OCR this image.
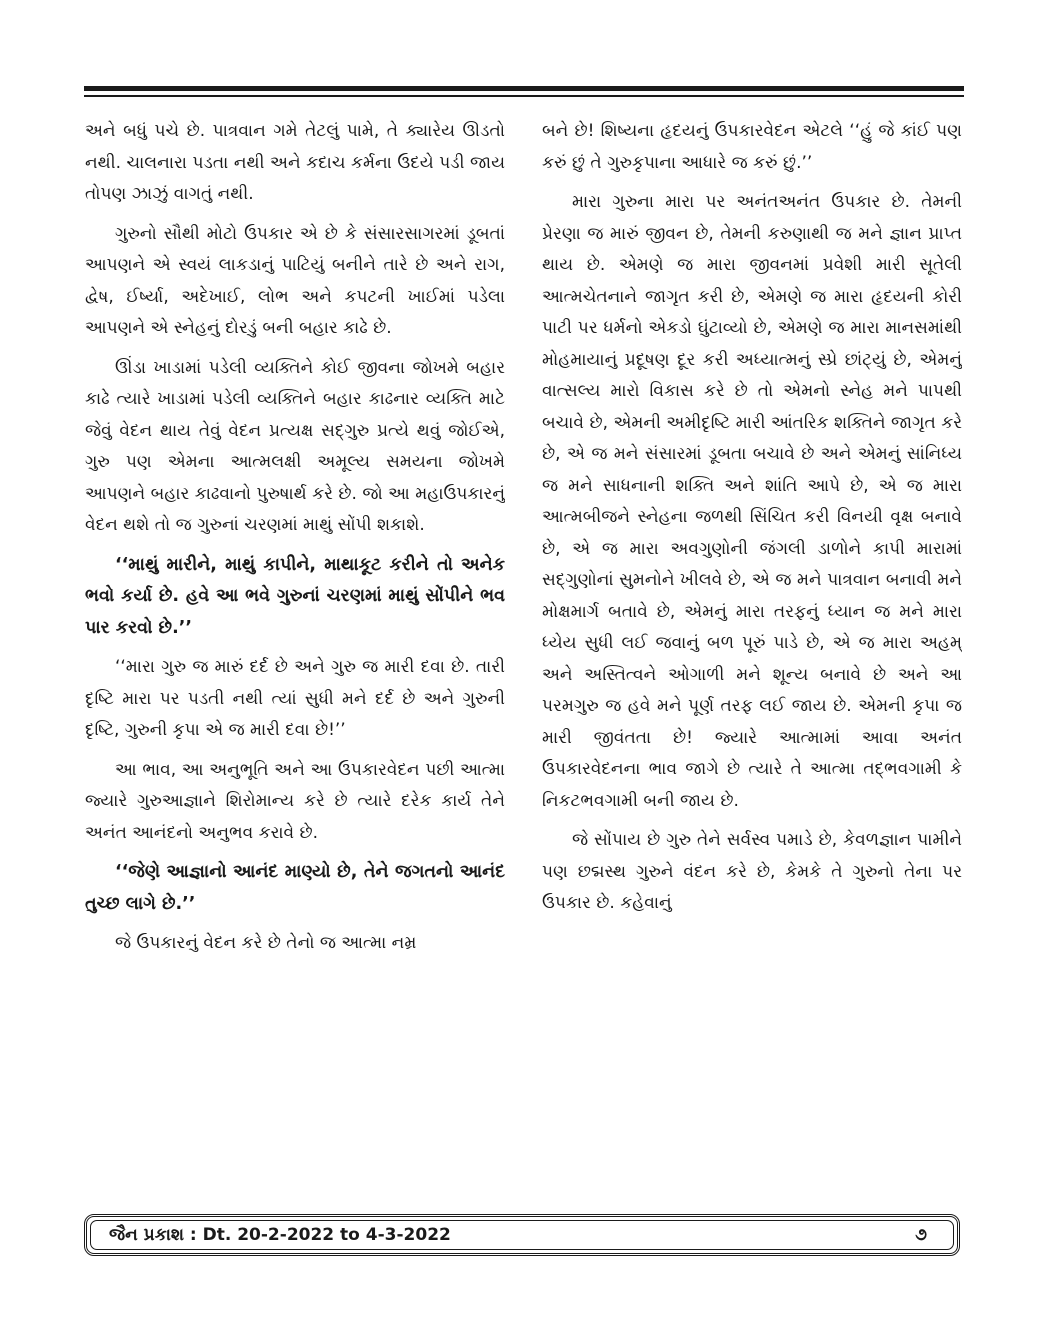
અને બધું પચે છે. પાત્રવાન ગમે તેટલું પામે, તે ક્યારેય ઊડતો નથી. ચાલનારા પડતા નથી અને કદાચ કર્મના ઉદયે પડી જાય તોપણ ઝાઝું વાગતું નથી.

ગુરુનો સૌથી મોટો ઉપકાર એ છે કે સંસારસાગરમાં ડૂબતાં આપણને એ સ્વયં લાકડાનું પાટિયું બનીને તારે છે અને રાગ, દ્વેષ, ઈર્ષ્યા, અદેખાઈ, લોભ અને કપટની ખાઈમાં પડેલા આપણને એ સ્નેહનું દોરડું બની બહાર કાઢે છે.

ઊંડા ખાડામાં પડેલી વ્યક્તિને કોઈ જીવના જોખમે બહાર કાઢે ત્યારે ખાડામાં પડેલી વ્યક્તિને બહાર કાઢનાર વ્યક્તિ માટે જેવું વેદન થાય તેવું વેદન પ્રત્યક્ષ સદ્ગુરુ પ્રત્યે થવું જોઈએ, ગુરુ પણ એમના આત્મલક્ષી અમૂલ્ય સમયના જોખમે આપણને બહાર કાઢવાનો પુરુષાર્થ કરે છે. જો આ મહાઉપકારનું વેદન થશે તો જ ગુરુનાં ચરણમાં માથું સોંપી શકાશે.

‘‘માથું મારીને, માથું કાપીને, માથાકૂટ કરીને તો અનેક ભવો કર્યા છે. હવે આ ભવે ગુરુનાં ચરણમાં માથું સોંપીને ભવ પાર કરવો છે.’’

‘‘મારા ગુરુ જ મારું દર્દ છે અને ગુરુ જ મારી દવા છે. તારી દૃષ્ટિ મારા પર પડતી નથી ત્યાં સુધી મને દર્દ છે અને ગુરુની દૃષ્ટિ, ગુરુની કૃપા એ જ મારી દવા છે!’’

આ ભાવ, આ અનુભૂતિ અને આ ઉપકારવેદન પછી આત્મા જ્યારે ગુરુઆજ્ઞાને શિરોમાન્ય કરે છે ત્યારે દરેક કાર્ય તેને અનંત આનંદનો અનુભવ કરાવે છે.

‘‘જેણે આજ્ઞાનો આનંદ માણ્યો છે, તેને જગતનો આનંદ તુચ્છ લાગે છે.’’

જે ઉપકારનું વેદન કરે છે તેનો જ આત્મા નમ્ર

બને છે! શિષ્યના હૃદયનું ઉપકારવેદન એટલે ‘‘હું જે કાંઈ પણ કરું છું તે ગુરુકૃપાના આધારે જ કરું છું.’’

મારા ગુરુના મારા પર અનંતઅનંત ઉપકાર છે. તેમની પ્રેરણા જ મારું જીવન છે, તેમની કરુણાથી જ મને જ્ઞાન પ્રાપ્ત થાય છે. એમણે જ મારા જીવનમાં પ્રવેશી મારી સૂતેલી આત્મચેતનાને જાગૃત કરી છે, એમણે જ મારા હૃદયની કોરી પાટી પર ધર્મનો એકડો ઘુંટાવ્યો છે, એમણે જ મારા માનસમાંથી મોહમાયાનું પ્રદૂષણ દૂર કરી અધ્યાત્મનું સ્પ્રે છાંટ્યું છે, એમનું વાત્સલ્ય મારો વિકાસ કરે છે તો એમનો સ્નેહ મને પાપથી બચાવે છે, એમની અમીદૃષ્ટિ મારી આંતરિક શક્તિને જાગૃત કરે છે, એ જ મને સંસારમાં ડૂબતા બચાવે છે અને એમનું સાંનિધ્ય જ મને સાધનાની શક્તિ અને શાંતિ આપે છે, એ જ મારા આત્મબીજને સ્નેહના જળથી સિંચિત કરી વિનયી વૃક્ષ બનાવે છે, એ જ મારા અવગુણોની જંગલી ડાળોને કાપી મારામાં સદ્ગુણોનાં સુમનોને ખીલવે છે, એ જ મને પાત્રવાન બનાવી મને મોક્ષમાર્ગ બતાવે છે, એમનું મારા તરફનું ધ્યાન જ મને મારા ધ્યેય સુધી લઈ જવાનું બળ પૂરું પાડે છે, એ જ મારા અહમ્ અને અસ્તિત્વને ઓગાળી મને શૂન્ય બનાવે છે અને આ પરમગુરુ જ હવે મને પૂર્ણ તરફ લઈ જાય છે. એમની કૃપા જ મારી જીવંતતા છે! જ્યારે આત્મામાં આવા અનંત ઉપકારવેદનના ભાવ જાગે છે ત્યારે તે આત્મા તદ્ભવગામી કે નિકટભવગામી બની જાય છે.

જે સોંપાય છે ગુરુ તેને સર્વસ્વ પમાડે છે, કેવળજ્ઞાન પામીને પણ છદ્મસ્થ ગુરુને વંદન કરે છે, કેમકે તે ગુરુનો તેના પર ઉપકાર છે. કહેવાનું

જૈન પ્રકાશ : Dt. 20-2-2022 to 4-3-2022	૭
